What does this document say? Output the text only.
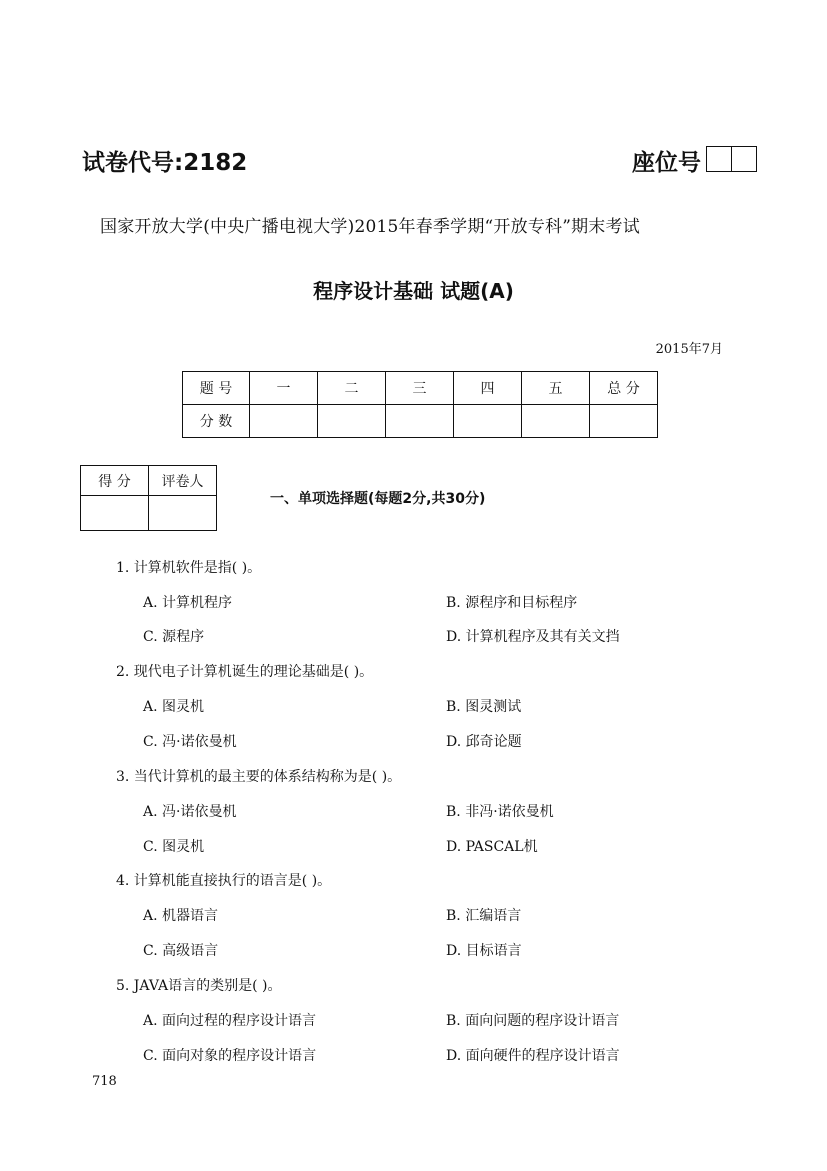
试卷代号:2182	座位号
国家开放大学(中央广播电视大学)2015年春季学期“开放专科”期末考试
程序设计基础 试题(A)
2015年7月
题 号	一	二	三	四	五	总 分
分 数						
得 分	评卷人

一、单项选择题(每题2分,共30分)
1. 计算机软件是指( )。
A. 计算机程序	B. 源程序和目标程序
C. 源程序	D. 计算机程序及其有关文挡
2. 现代电子计算机诞生的理论基础是( )。
A. 图灵机	B. 图灵测试
C. 冯·诺依曼机	D. 邱奇论题
3. 当代计算机的最主要的体系结构称为是( )。
A. 冯·诺依曼机	B. 非冯·诺依曼机
C. 图灵机	D. PASCAL机
4. 计算机能直接执行的语言是( )。
A. 机器语言	B. 汇编语言
C. 高级语言	D. 目标语言
5. JAVA语言的类别是( )。
A. 面向过程的程序设计语言	B. 面向问题的程序设计语言
C. 面向对象的程序设计语言	D. 面向硬件的程序设计语言
718
